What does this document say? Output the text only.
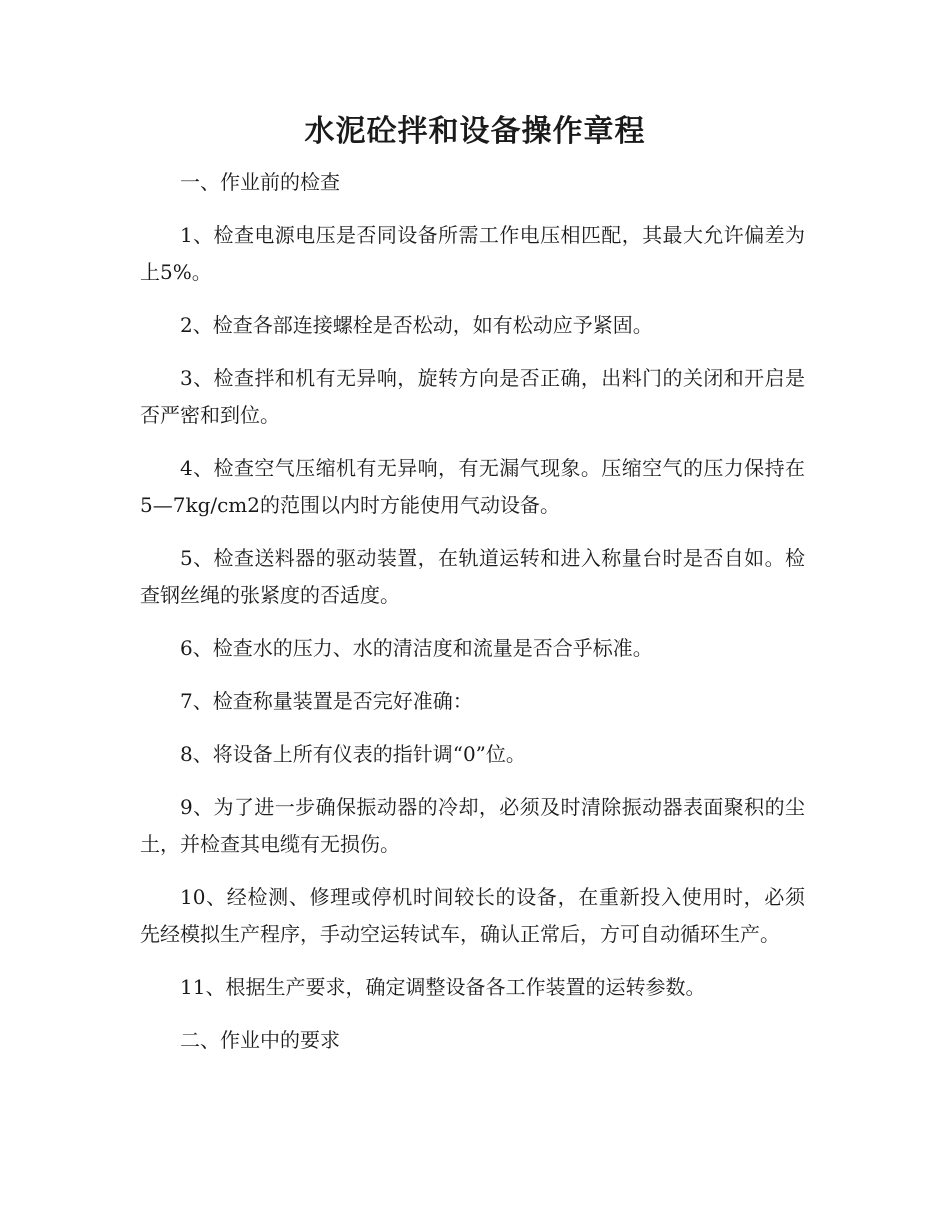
水泥砼拌和设备操作章程

一、作业前的检查

1、检查电源电压是否同设备所需工作电压相匹配，其最大允许偏差为上5%。

2、检查各部连接螺栓是否松动，如有松动应予紧固。

3、检查拌和机有无异响，旋转方向是否正确，出料门的关闭和开启是否严密和到位。

4、检查空气压缩机有无异响，有无漏气现象。压缩空气的压力保持在5—7kg/cm2的范围以内时方能使用气动设备。

5、检查送料器的驱动装置，在轨道运转和进入称量台时是否自如。检查钢丝绳的张紧度的否适度。

6、检查水的压力、水的清洁度和流量是否合乎标准。

7、检查称量装置是否完好准确：

8、将设备上所有仪表的指针调“0”位。

9、为了进一步确保振动器的冷却，必须及时清除振动器表面聚积的尘土，并检查其电缆有无损伤。

10、经检测、修理或停机时间较长的设备，在重新投入使用时，必须先经模拟生产程序，手动空运转试车，确认正常后，方可自动循环生产。

11、根据生产要求，确定调整设备各工作装置的运转参数。

二、作业中的要求
